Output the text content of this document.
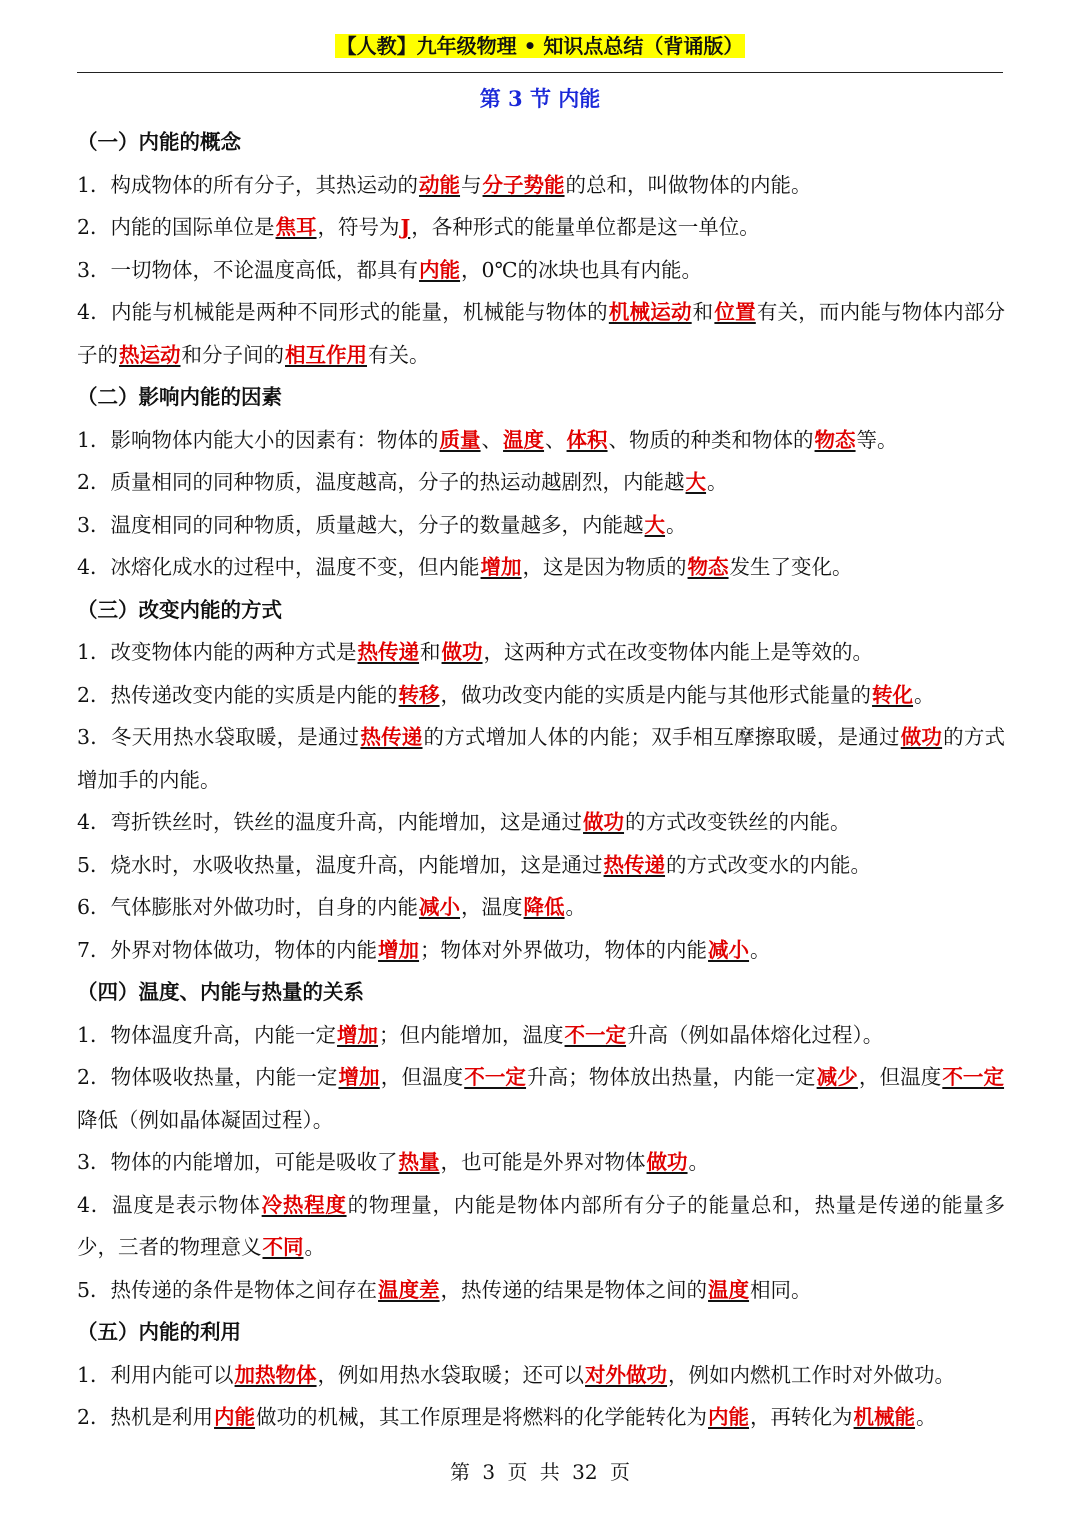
【人教】九年级物理 • 知识点总结（背诵版）
第 3 节 内能
（一）内能的概念
1．构成物体的所有分子，其热运动的动能与分子势能的总和，叫做物体的内能。
2．内能的国际单位是焦耳，符号为J，各种形式的能量单位都是这一单位。
3．一切物体，不论温度高低，都具有内能，0℃的冰块也具有内能。
4．内能与机械能是两种不同形式的能量，机械能与物体的机械运动和位置有关，而内能与物体内部分子的热运动和分子间的相互作用有关。
（二）影响内能的因素
1．影响物体内能大小的因素有：物体的质量、温度、体积、物质的种类和物体的物态等。
2．质量相同的同种物质，温度越高，分子的热运动越剧烈，内能越大。
3．温度相同的同种物质，质量越大，分子的数量越多，内能越大。
4．冰熔化成水的过程中，温度不变，但内能增加，这是因为物质的物态发生了变化。
（三）改变内能的方式
1．改变物体内能的两种方式是热传递和做功，这两种方式在改变物体内能上是等效的。
2．热传递改变内能的实质是内能的转移，做功改变内能的实质是内能与其他形式能量的转化。
3．冬天用热水袋取暖，是通过热传递的方式增加人体的内能；双手相互摩擦取暖，是通过做功的方式增加手的内能。
4．弯折铁丝时，铁丝的温度升高，内能增加，这是通过做功的方式改变铁丝的内能。
5．烧水时，水吸收热量，温度升高，内能增加，这是通过热传递的方式改变水的内能。
6．气体膨胀对外做功时，自身的内能减小，温度降低。
7．外界对物体做功，物体的内能增加；物体对外界做功，物体的内能减小。
（四）温度、内能与热量的关系
1．物体温度升高，内能一定增加；但内能增加，温度不一定升高（例如晶体熔化过程）。
2．物体吸收热量，内能一定增加，但温度不一定升高；物体放出热量，内能一定减少，但温度不一定降低（例如晶体凝固过程）。
3．物体的内能增加，可能是吸收了热量，也可能是外界对物体做功。
4．温度是表示物体冷热程度的物理量，内能是物体内部所有分子的能量总和，热量是传递的能量多少，三者的物理意义不同。
5．热传递的条件是物体之间存在温度差，热传递的结果是物体之间的温度相同。
（五）内能的利用
1．利用内能可以加热物体，例如用热水袋取暖；还可以对外做功，例如内燃机工作时对外做功。
2．热机是利用内能做功的机械，其工作原理是将燃料的化学能转化为内能，再转化为机械能。
第 3 页 共 32 页
